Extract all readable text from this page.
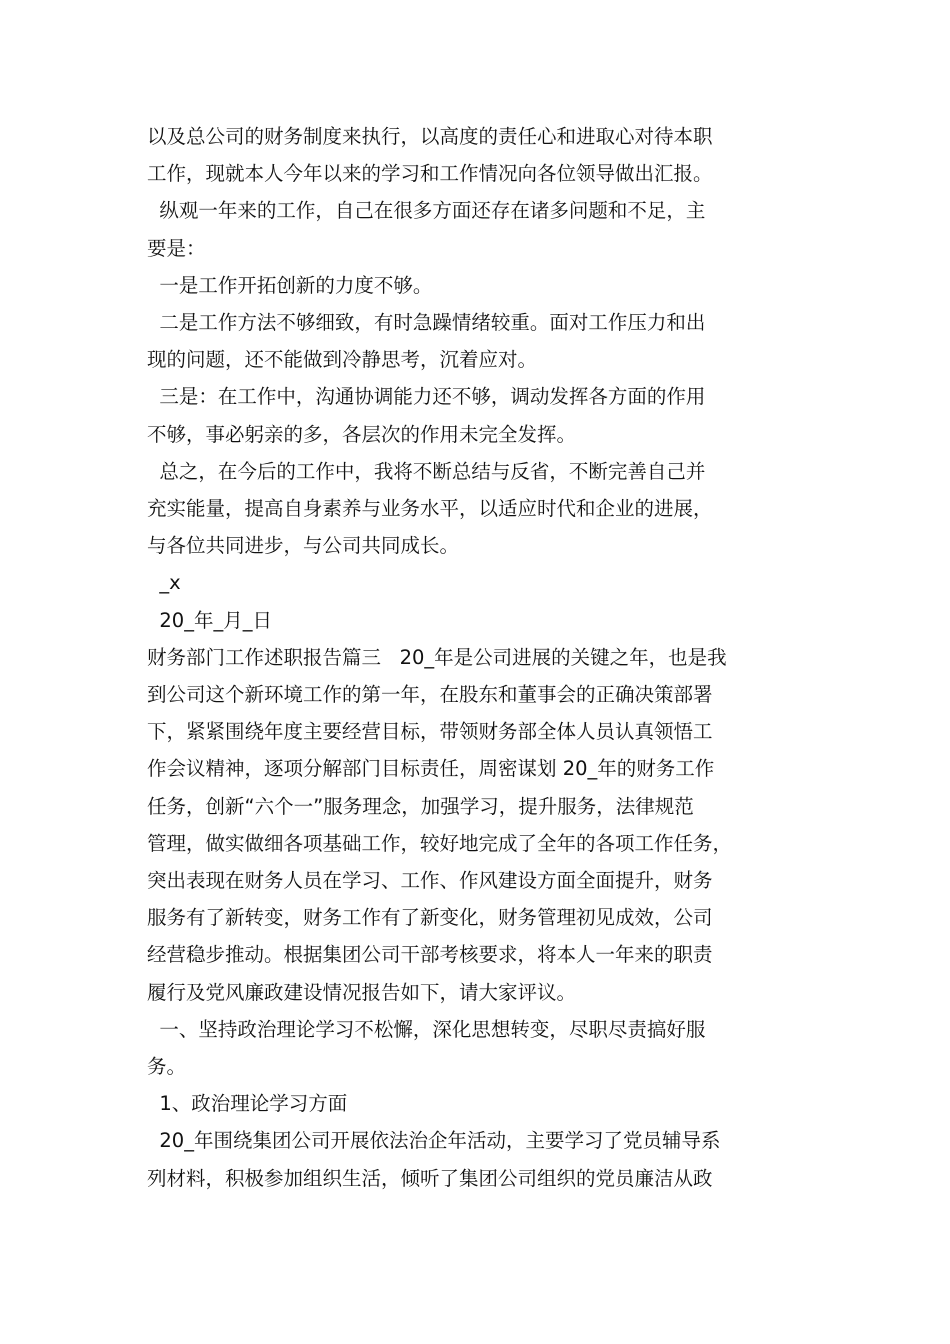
以及总公司的财务制度来执行，以高度的责任心和进取心对待本职
工作，现就本人今年以来的学习和工作情况向各位领导做出汇报。
纵观一年来的工作，自己在很多方面还存在诸多问题和不足，主
要是：
一是工作开拓创新的力度不够。
二是工作方法不够细致，有时急躁情绪较重。面对工作压力和出
现的问题，还不能做到冷静思考，沉着应对。
三是：在工作中，沟通协调能力还不够，调动发挥各方面的作用
不够，事必躬亲的多，各层次的作用未完全发挥。
总之，在今后的工作中，我将不断总结与反省，不断完善自己并
充实能量，提高自身素养与业务水平，以适应时代和企业的进展，
与各位共同进步，与公司共同成长。
_x
20_年_月_日
财务部门工作述职报告篇三   20_年是公司进展的关键之年，也是我
到公司这个新环境工作的第一年，在股东和董事会的正确决策部署
下，紧紧围绕年度主要经营目标，带领财务部全体人员认真领悟工
作会议精神，逐项分解部门目标责任，周密谋划 20_年的财务工作
任务，创新“六个一”服务理念，加强学习，提升服务，法律规范
管理，做实做细各项基础工作，较好地完成了全年的各项工作任务，
突出表现在财务人员在学习、工作、作风建设方面全面提升，财务
服务有了新转变，财务工作有了新变化，财务管理初见成效，公司
经营稳步推动。根据集团公司干部考核要求，将本人一年来的职责
履行及党风廉政建设情况报告如下，请大家评议。
一、坚持政治理论学习不松懈，深化思想转变，尽职尽责搞好服
务。
1、政治理论学习方面
20_年围绕集团公司开展依法治企年活动，主要学习了党员辅导系
列材料，积极参加组织生活，倾听了集团公司组织的党员廉洁从政
